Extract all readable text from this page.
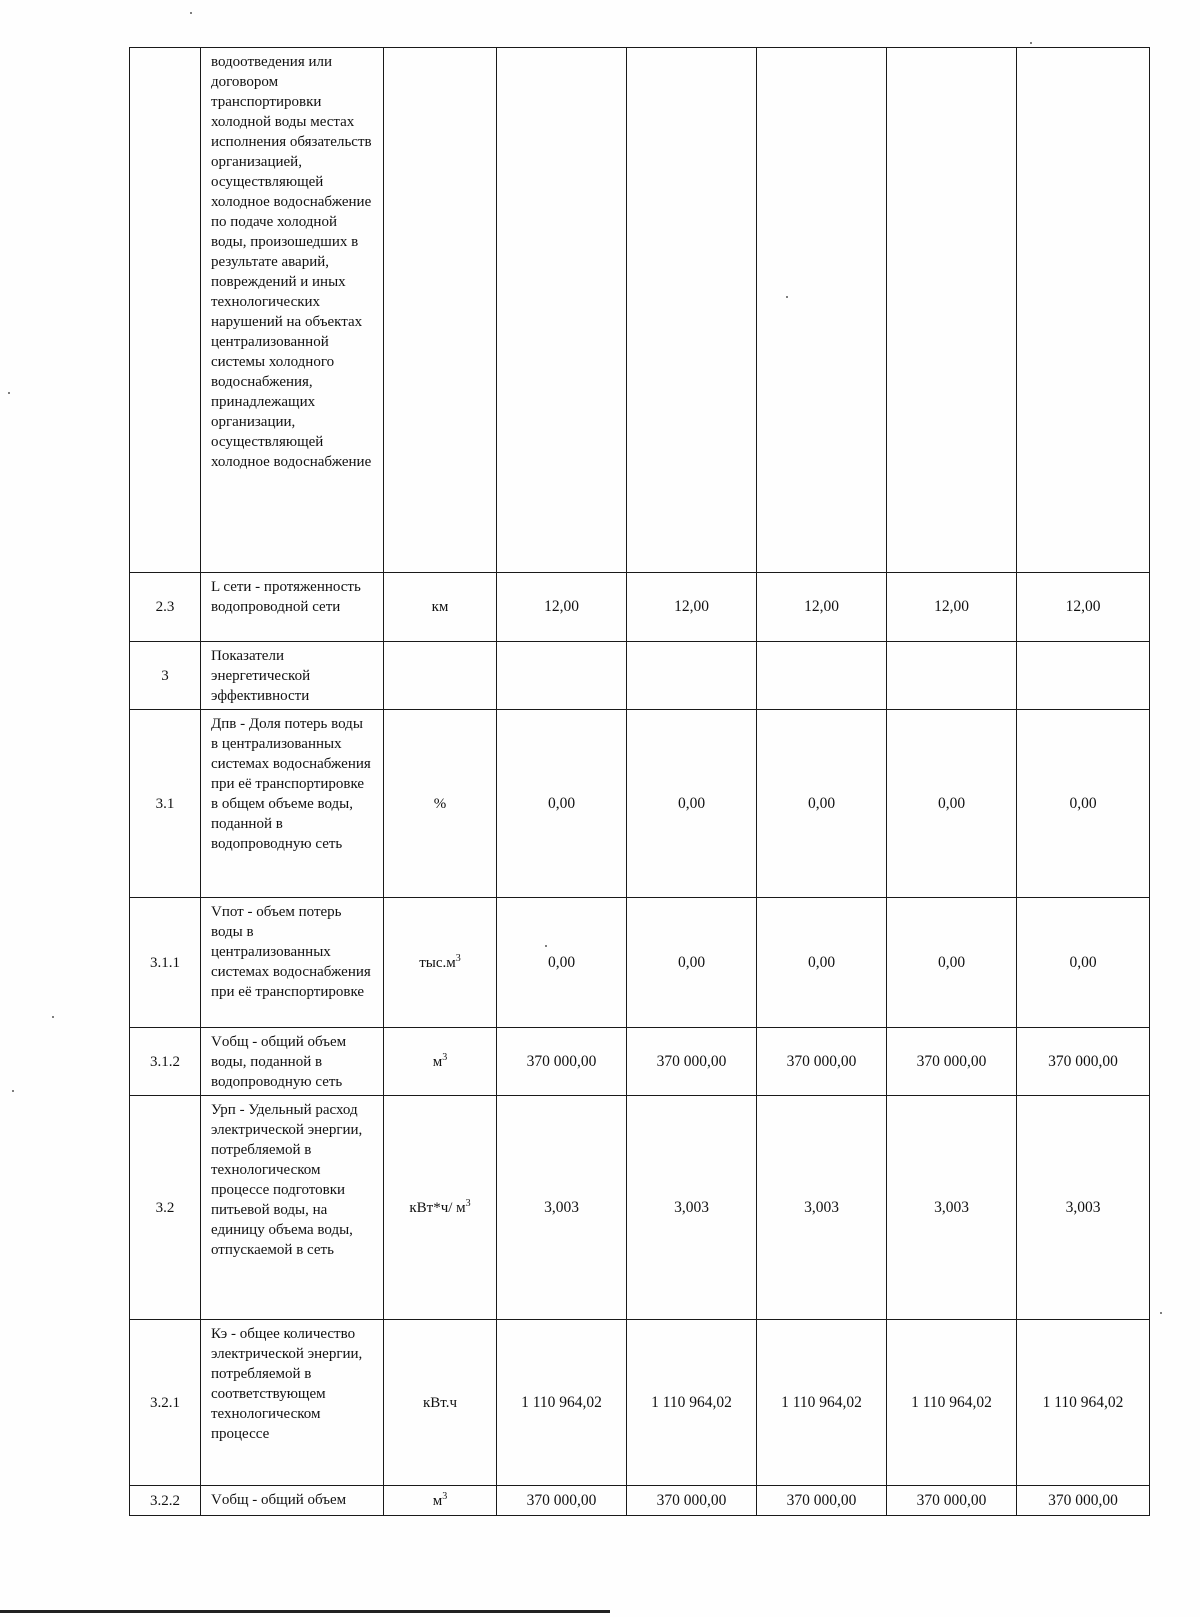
	водоотведения или договором транспортировки холодной воды местах исполнения обязательств организацией, осуществляющей холодное водоснабжение по подаче холодной воды, произошедших в результате аварий, повреждений и иных технологических нарушений на объектах централизованной системы холодного водоснабжения, принадлежащих организации, осуществляющей холодное водоснабжение						
2.3	L сети - протяженность водопроводной сети	км	12,00	12,00	12,00	12,00	12,00
3	Показатели энергетической эффективности						
3.1	Дпв - Доля потерь воды в централизованных системах водоснабжения при её транспортировке в общем объеме воды, поданной в водопроводную сеть	%	0,00	0,00	0,00	0,00	0,00
3.1.1	Vпот - объем потерь воды в централизованных системах водоснабжения при её транспортировке	$тыс.м^3$	0,00	0,00	0,00	0,00	0,00
3.1.2	Vобщ - общий объем воды, поданной в водопроводную сеть	$м^3$	370 000,00	370 000,00	370 000,00	370 000,00	370 000,00
3.2	Урп - Удельный расход электрической энергии, потребляемой в технологическом процессе подготовки питьевой воды, на единицу объема воды, отпускаемой в сеть	кВт*ч/ $м^3$	3,003	3,003	3,003	3,003	3,003
3.2.1	Кэ - общее количество электрической энергии, потребляемой в соответствующем технологическом процессе	кВт.ч	1 110 964,02	1 110 964,02	1 110 964,02	1 110 964,02	1 110 964,02
3.2.2	Vобщ - общий объем	$м^3$	370 000,00	370 000,00	370 000,00	370 000,00	370 000,00
